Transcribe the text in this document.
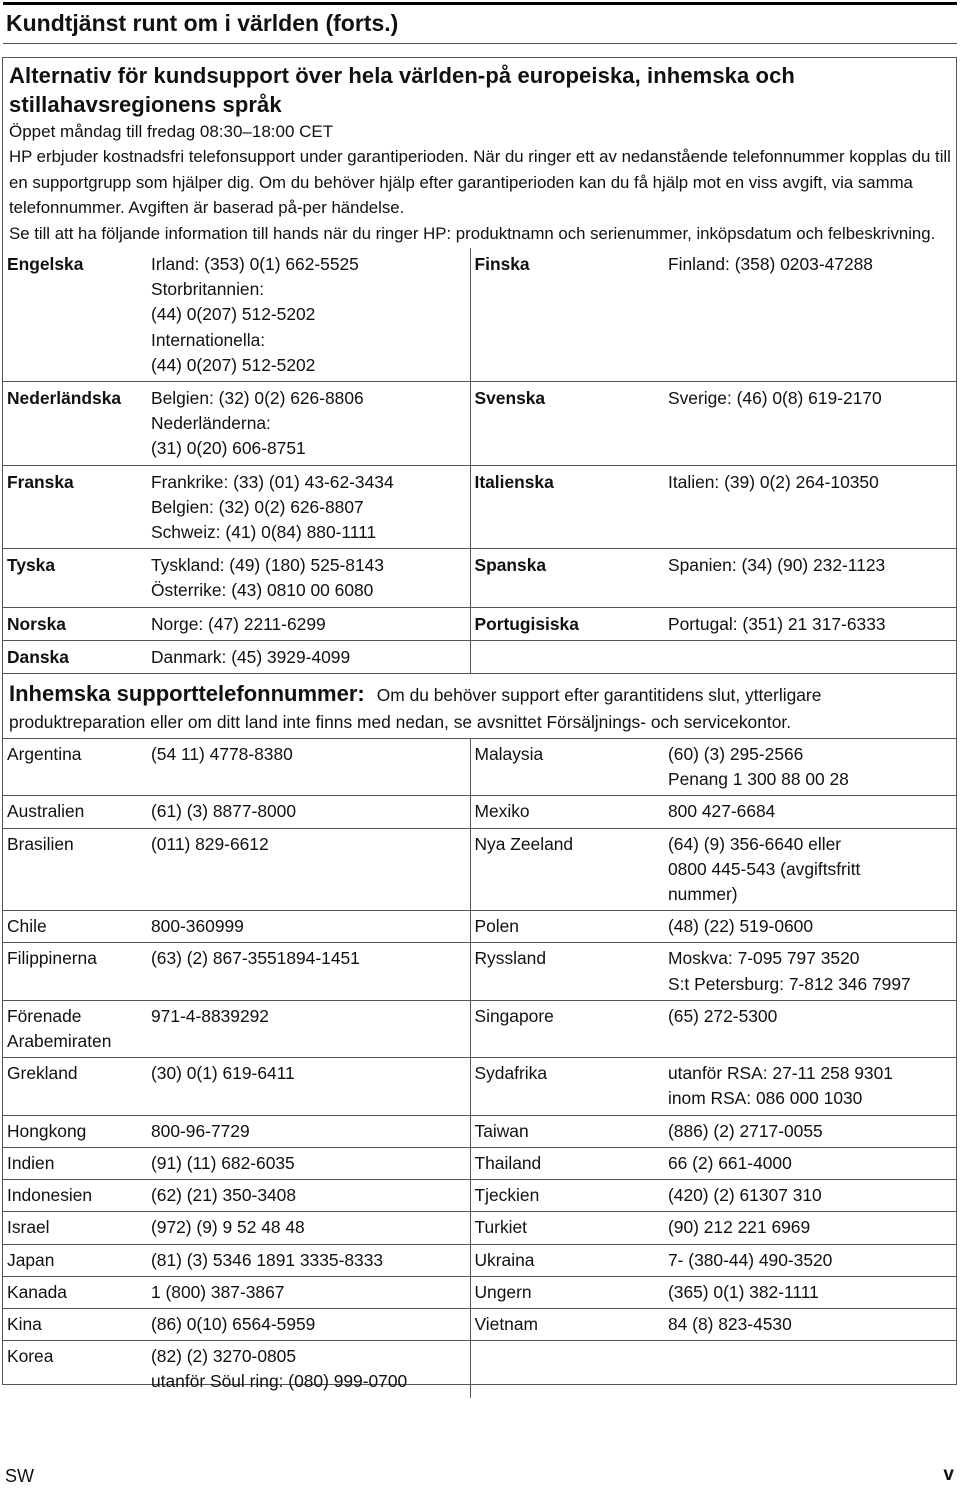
Kundtjänst runt om i världen (forts.)
Alternativ för kundsupport över hela världen-på europeiska, inhemska och stillahavsregionens språk
Öppet måndag till fredag 08:30–18:00 CET

HP erbjuder kostnadsfri telefonsupport under garantiperioden. När du ringer ett av nedanstående telefonnummer kopplas du till en supportgrupp som hjälper dig. Om du behöver hjälp efter garantiperioden kan du få hjälp mot en viss avgift, via samma telefonnummer. Avgiften är baserad på-per händelse.

Se till att ha följande information till hands när du ringer HP: produktnamn och serienummer, inköpsdatum och felbeskrivning.

Engelska	Irland: (353) 0(1) 662-5525
Storbritannien:
(44) 0(207) 512-5202
Internationella:
(44) 0(207) 512-5202	Finska	Finland: (358) 0203-47288

Nederländska	Belgien: (32) 0(2) 626-8806
Nederländerna:
(31) 0(20) 606-8751	Svenska	Sverige: (46) 0(8) 619-2170

Franska	Frankrike: (33) (01) 43-62-3434
Belgien: (32) 0(2) 626-8807
Schweiz: (41) 0(84) 880-1111	Italienska	Italien: (39) 0(2) 264-10350

Tyska	Tyskland: (49) (180) 525-8143
Österrike: (43) 0810 00 6080	Spanska	Spanien: (34) (90) 232-1123

Norska	Norge: (47) 2211-6299	Portugisiska	Portugal: (351) 21 317-6333

Danska	Danmark: (45) 3929-4099		

Inhemska supporttelefonnummer: Om du behöver support efter garantitidens slut, ytterligare produktreparation eller om ditt land inte finns med nedan, se avsnittet Försäljnings- och servicekontor.
Argentina	(54 11) 4778-8380	Malaysia	(60) (3) 295-2566
Penang 1 300 88 00 28

Australien	(61) (3) 8877-8000	Mexiko	800 427-6684

Brasilien	(011) 829-6612	Nya Zeeland	(64) (9) 356-6640 eller
0800 445-543 (avgiftsfritt
nummer)

Chile	800-360999	Polen	(48) (22) 519-0600

Filippinerna	(63) (2) 867-3551894-1451	Ryssland	Moskva: 7-095 797 3520
S:t Petersburg: 7-812 346 7997

Förenade
Arabemiraten	971-4-8839292	Singapore	(65) 272-5300

Grekland	(30) 0(1) 619-6411	Sydafrika	utanför RSA: 27-11 258 9301
inom RSA: 086 000 1030

Hongkong	800-96-7729	Taiwan	(886) (2) 2717-0055

Indien	(91) (11) 682-6035	Thailand	66 (2) 661-4000

Indonesien	(62) (21) 350-3408	Tjeckien	(420) (2) 61307 310

Israel	(972) (9) 9 52 48 48	Turkiet	(90) 212 221 6969

Japan	(81) (3) 5346 1891 3335-8333	Ukraina	7- (380-44) 490-3520

Kanada	1 (800) 387-3867	Ungern	(365) 0(1) 382-1111

Kina	(86) 0(10) 6564-5959	Vietnam	84 (8) 823-4530

Korea	(82) (2) 3270-0805
utanför Söul ring: (080) 999-0700		

SW	v
